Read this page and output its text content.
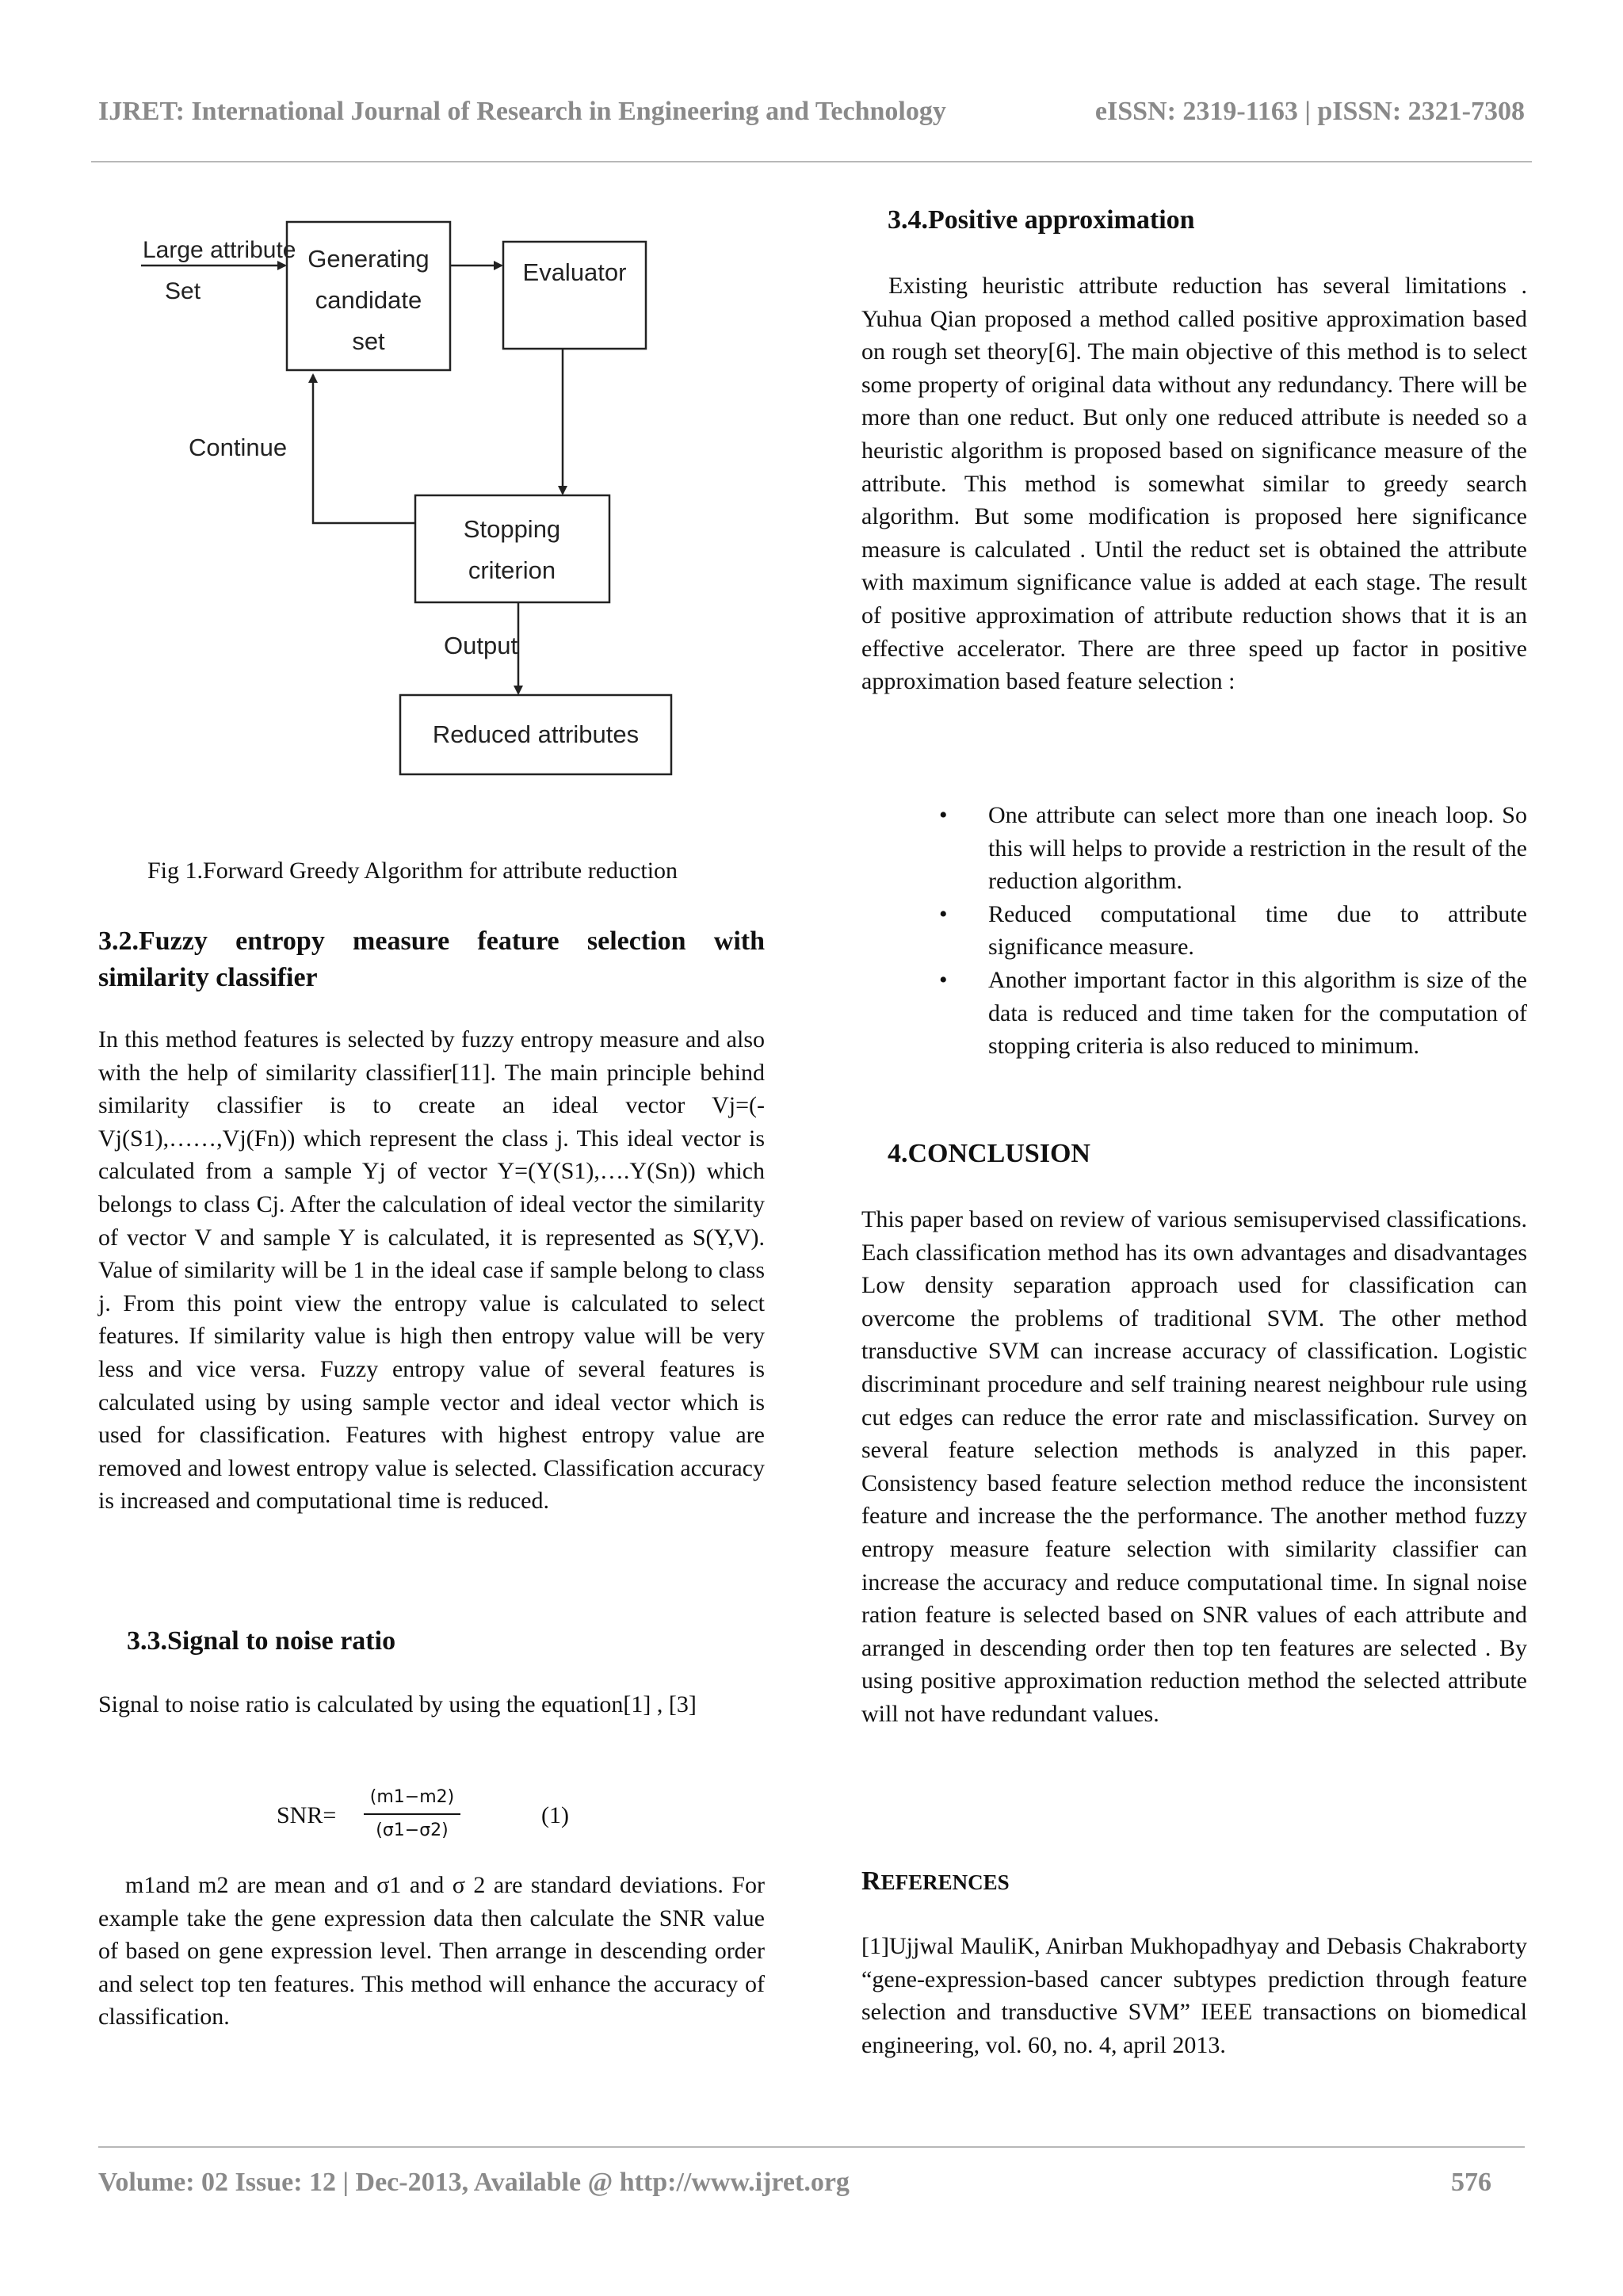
IJRET: International Journal of Research in Engineering and Technology	eISSN: 2319-1163 | pISSN: 2321-7308
Large attribute
Set
Generating
candidate
set
Evaluator
Continue
Stopping
criterion
Output
Reduced attributes
Fig 1.Forward Greedy Algorithm for attribute reduction
3.2.Fuzzy entropy measure feature selection with similarity classifier
In this method features is selected by fuzzy entropy measure and also with the help of similarity classifier[11]. The main principle behind similarity classifier is to create an ideal vector Vj=(-Vj(S1),……,Vj(Fn)) which represent the class j. This ideal vector is calculated from a sample Yj of vector Y=(Y(S1),….Y(Sn)) which belongs to class Cj. After the calculation of ideal vector the similarity of vector V and sample Y is calculated, it is represented as S(Y,V). Value of similarity will be 1 in the ideal case if sample belong to class j. From this point view the entropy value is calculated to select features. If similarity value is high then entropy value will be very less and vice versa. Fuzzy entropy value of several features is calculated using by using sample vector and ideal vector which is used for classification. Features with highest entropy value are removed and lowest entropy value is selected. Classification accuracy is increased and computational time is reduced.
3.3.Signal to noise ratio
Signal to noise ratio is calculated by using the equation[1] , [3]
SNR=
(m1−m2)
(σ1−σ2)
(1)
m1and m2 are mean and σ1 and σ 2 are standard deviations. For example take the gene expression data then calculate the SNR value of based on gene expression level. Then arrange in descending order and select top ten features. This method will enhance the accuracy of classification.
3.4.Positive approximation
Existing heuristic attribute reduction has several limitations . Yuhua Qian proposed a method called positive approximation based on rough set theory[6]. The main objective of this method is to select some property of original data without any redundancy. There will be more than one reduct. But only one reduced attribute is needed so a heuristic algorithm is proposed based on significance measure of the attribute. This method is somewhat similar to greedy search algorithm. But some modification is proposed here significance measure is calculated . Until the reduct set is obtained the attribute with maximum significance value is added at each stage. The result of positive approximation of attribute reduction shows that it is an effective accelerator. There are three speed up factor in positive approximation based feature selection :
• One attribute can select more than one ineach loop. So this will helps to provide a restriction in the result of the reduction algorithm.
• Reduced computational time due to attribute significance measure.
• Another important factor in this algorithm is size of the data is reduced and time taken for the computation of stopping criteria is also reduced to minimum.
4.CONCLUSION
This paper based on review of various semisupervised classifications. Each classification method has its own advantages and disadvantages Low density separation approach used for classification can overcome the problems of traditional SVM. The other method transductive SVM can increase accuracy of classification. Logistic discriminant procedure and self training nearest neighbour rule using cut edges can reduce the error rate and misclassification. Survey on several feature selection methods is analyzed in this paper. Consistency based feature selection method reduce the inconsistent feature and increase the the performance. The another method fuzzy entropy measure feature selection with similarity classifier can increase the accuracy and reduce computational time. In signal noise ration feature is selected based on SNR values of each attribute and arranged in descending order then top ten features are selected . By using positive approximation reduction method the selected attribute will not have redundant values.
REFERENCES
[1]Ujjwal MauliK, Anirban Mukhopadhyay and Debasis Chakraborty “gene-expression-based cancer subtypes prediction through feature selection and transductive SVM” IEEE transactions on biomedical engineering, vol. 60, no. 4, april 2013.
Volume: 02 Issue: 12 | Dec-2013, Available @ http://www.ijret.org	576
